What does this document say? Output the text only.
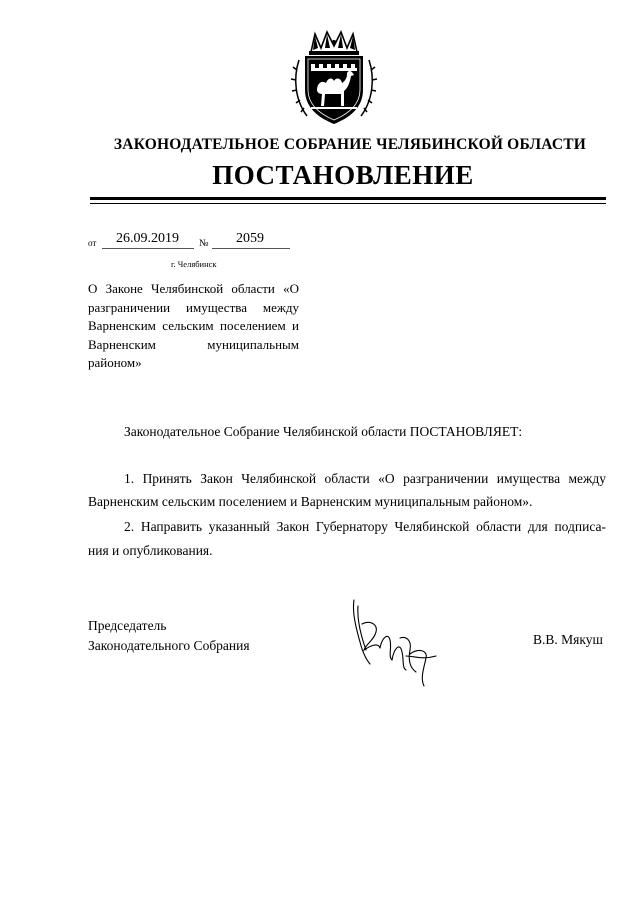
ЗАКОНОДАТЕЛЬНОЕ СОБРАНИЕ ЧЕЛЯБИНСКОЙ ОБЛАСТИ
ПОСТАНОВЛЕНИЕ
от 26.09.2019 № 2059
г. Челябинск
О Законе Челябинской области «О разграничении имущества между Варненским сельским поселением и Варненским муниципальным районом»
Законодательное Собрание Челябинской области ПОСТАНОВЛЯЕТ:
1. Принять Закон Челябинской области «О разграничении имущества между
Варненским сельским поселением и Варненским муниципальным районом».
2. Направить указанный Закон Губернатору Челябинской области для подписа-
ния и опубликования.
Председатель
Законодательного Собрания	В.В. Мякуш
